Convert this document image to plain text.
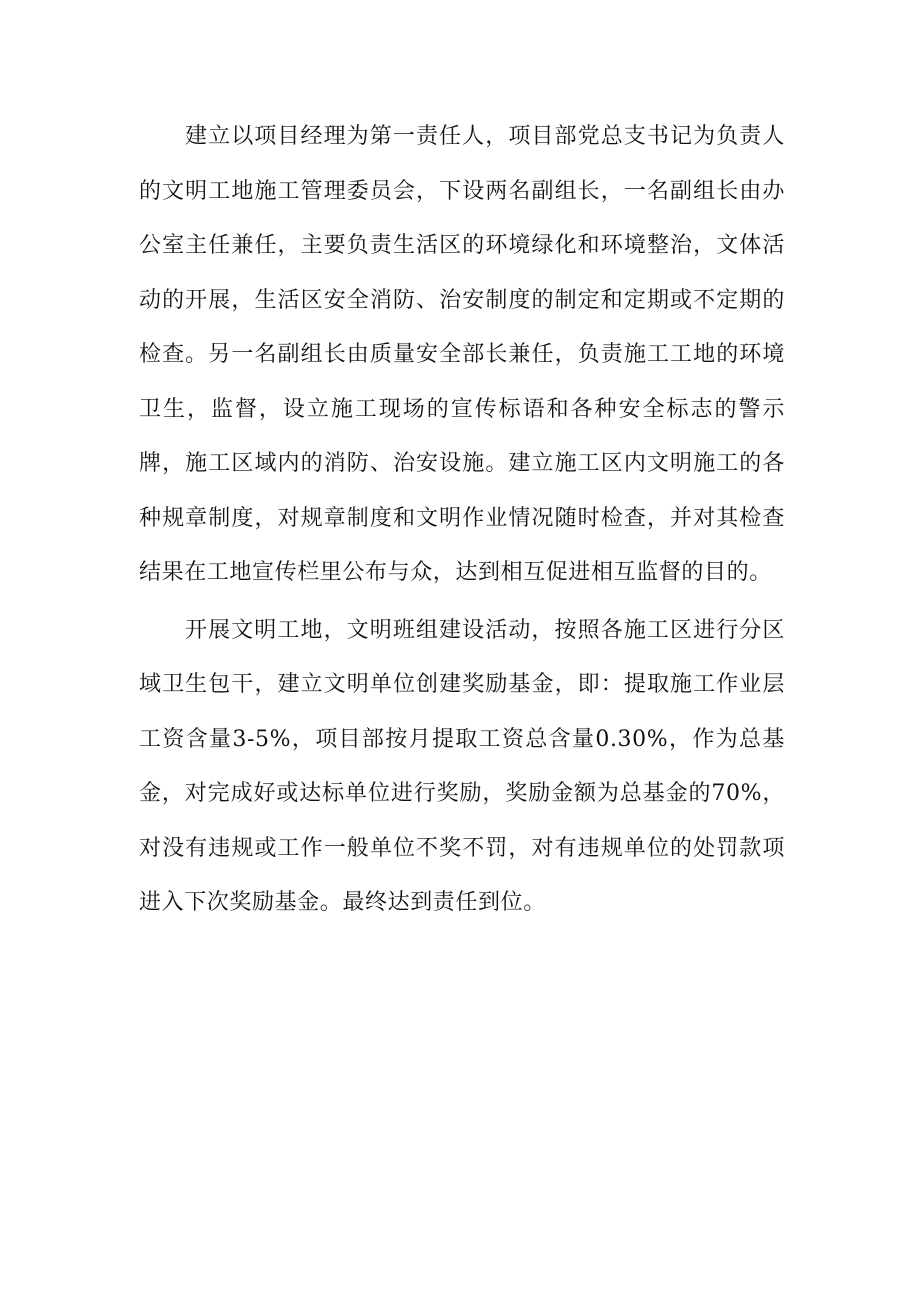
建立以项目经理为第一责任人，项目部党总支书记为负责人的文明工地施工管理委员会，下设两名副组长，一名副组长由办公室主任兼任，主要负责生活区的环境绿化和环境整治，文体活动的开展，生活区安全消防、治安制度的制定和定期或不定期的检查。另一名副组长由质量安全部长兼任，负责施工工地的环境卫生，监督，设立施工现场的宣传标语和各种安全标志的警示牌，施工区域内的消防、治安设施。建立施工区内文明施工的各种规章制度，对规章制度和文明作业情况随时检查，并对其检查结果在工地宣传栏里公布与众，达到相互促进相互监督的目的。

开展文明工地，文明班组建设活动，按照各施工区进行分区域卫生包干，建立文明单位创建奖励基金，即：提取施工作业层工资含量3-5%，项目部按月提取工资总含量0.30%，作为总基金，对完成好或达标单位进行奖励，奖励金额为总基金的70%，对没有违规或工作一般单位不奖不罚，对有违规单位的处罚款项进入下次奖励基金。最终达到责任到位。
